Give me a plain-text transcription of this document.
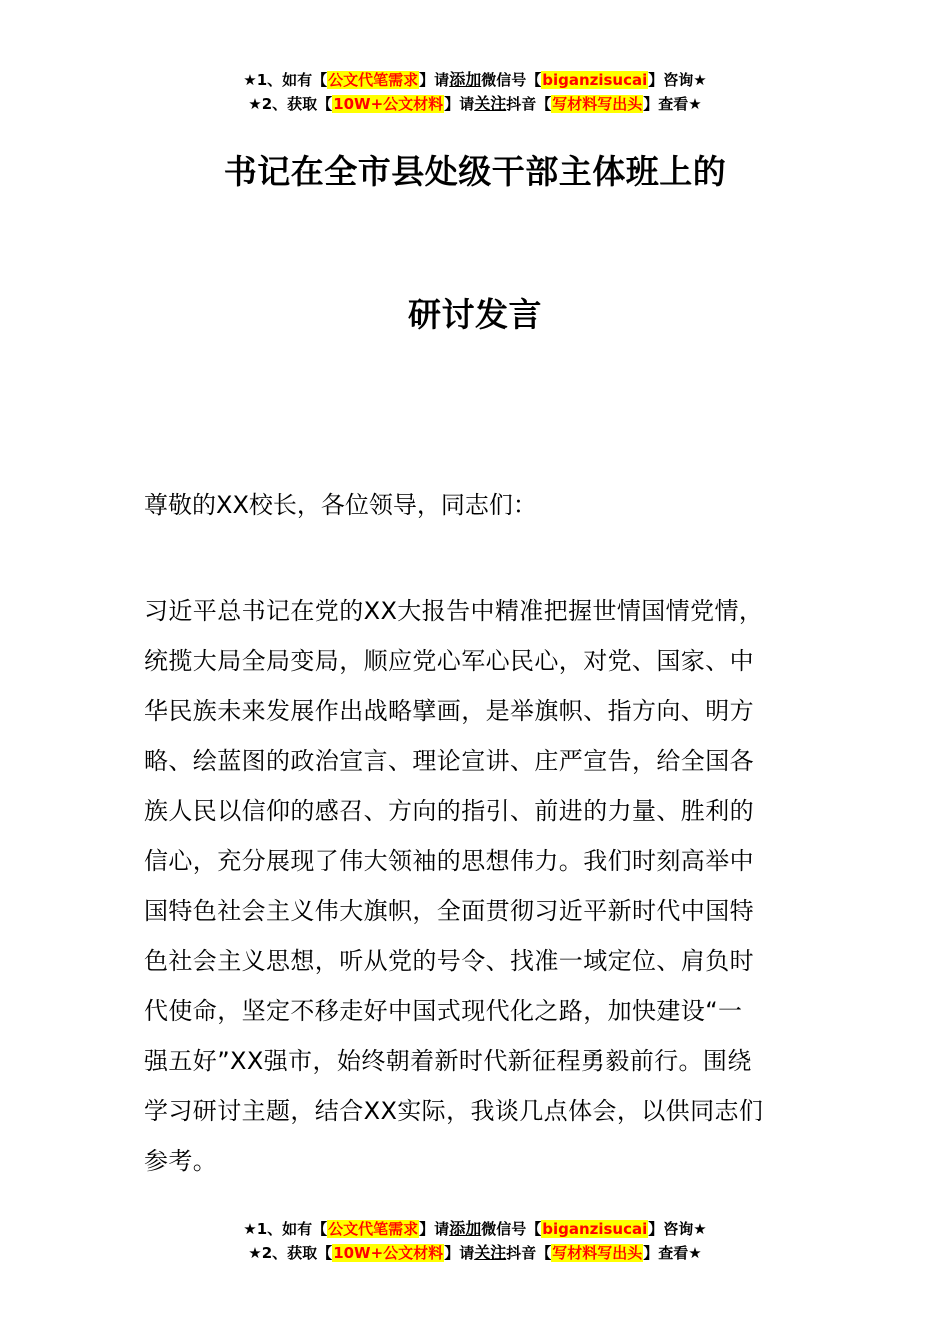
★1、如有【公文代笔需求】请添加微信号【biganzisucai】咨询★
★2、获取【10W+公文材料】请关注抖音【写材料写出头】查看★
书记在全市县处级干部主体班上的
研讨发言
尊敬的XX校长，各位领导，同志们：
习近平总书记在党的XX大报告中精准把握世情国情党情，
统揽大局全局变局，顺应党心军心民心，对党、国家、中
华民族未来发展作出战略擘画，是举旗帜、指方向、明方
略、绘蓝图的政治宣言、理论宣讲、庄严宣告，给全国各
族人民以信仰的感召、方向的指引、前进的力量、胜利的
信心，充分展现了伟大领袖的思想伟力。我们时刻高举中
国特色社会主义伟大旗帜，全面贯彻习近平新时代中国特
色社会主义思想，听从党的号令、找准一域定位、肩负时
代使命，坚定不移走好中国式现代化之路，加快建设“一
强五好”XX强市，始终朝着新时代新征程勇毅前行。围绕
学习研讨主题，结合XX实际，我谈几点体会，以供同志们
参考。
★1、如有【公文代笔需求】请添加微信号【biganzisucai】咨询★
★2、获取【10W+公文材料】请关注抖音【写材料写出头】查看★
